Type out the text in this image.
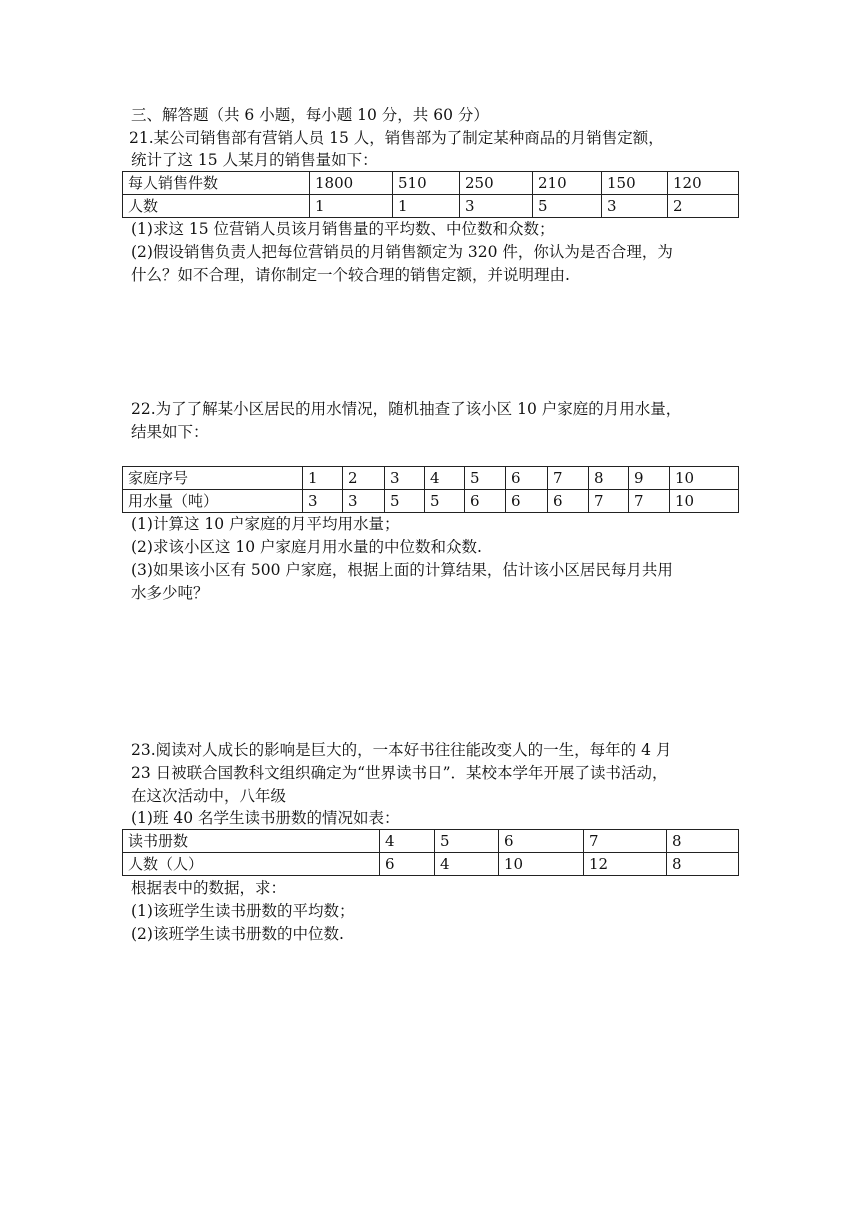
三、解答题（共 6 小题，每小题 10 分，共 60 分）
21.某公司销售部有营销人员 15 人，销售部为了制定某种商品的月销售定额，
统计了这 15 人某月的销售量如下：
每人销售件数	1800	510	250	210	150	120
人数	1	1	3	5	3	2
(1)求这 15 位营销人员该月销售量的平均数、中位数和众数；
(2)假设销售负责人把每位营销员的月销售额定为 320 件，你认为是否合理，为
什么？如不合理，请你制定一个较合理的销售定额，并说明理由.
22.为了了解某小区居民的用水情况，随机抽查了该小区 10 户家庭的月用水量，
结果如下：
家庭序号	1	2	3	4	5	6	7	8	9	10
用水量（吨）	3	3	5	5	6	6	6	7	7	10
(1)计算这 10 户家庭的月平均用水量；
(2)求该小区这 10 户家庭月用水量的中位数和众数.
(3)如果该小区有 500 户家庭，根据上面的计算结果，估计该小区居民每月共用
水多少吨？
23.阅读对人成长的影响是巨大的，一本好书往往能改变人的一生，每年的 4 月
23 日被联合国教科文组织确定为“世界读书日”．某校本学年开展了读书活动，
在这次活动中，八年级
(1)班 40 名学生读书册数的情况如表：
读书册数	4	5	6	7	8
人数（人）	6	4	10	12	8
根据表中的数据，求：
(1)该班学生读书册数的平均数；
(2)该班学生读书册数的中位数.
